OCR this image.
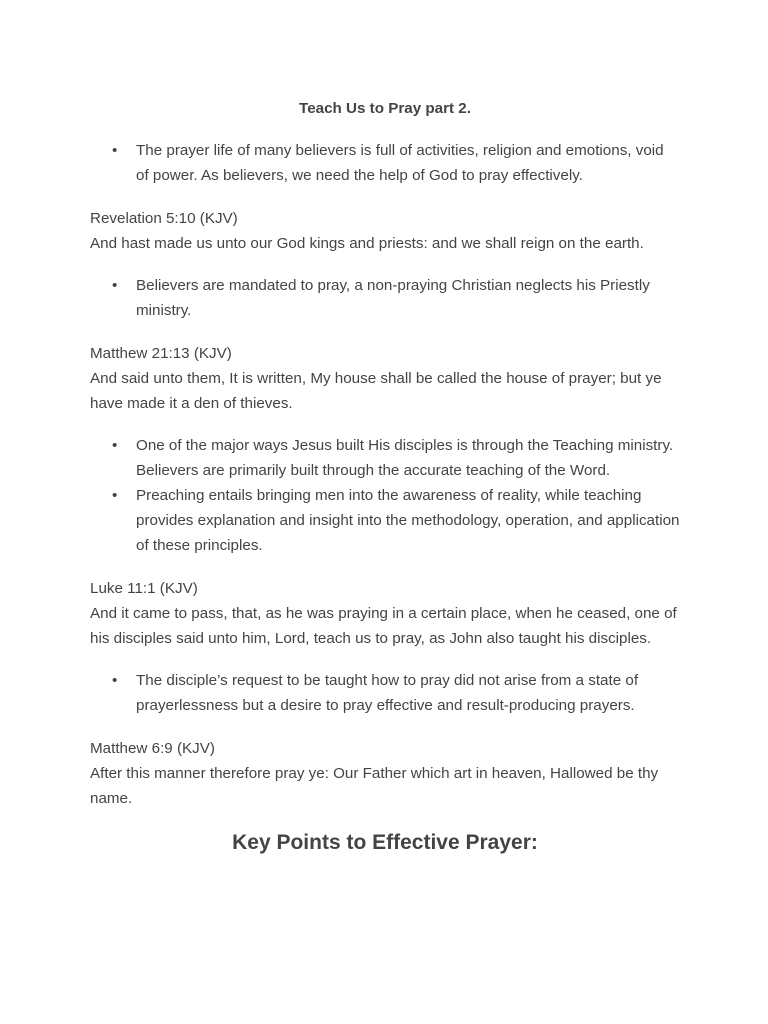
Teach Us to Pray part 2.
• The prayer life of many believers is full of activities, religion and emotions, void of power. As believers, we need the help of God to pray effectively.
Revelation 5:10 (KJV)
And hast made us unto our God kings and priests: and we shall reign on the earth.
• Believers are mandated to pray, a non-praying Christian neglects his Priestly ministry.
Matthew 21:13 (KJV)
And said unto them, It is written, My house shall be called the house of prayer; but ye have made it a den of thieves.
• One of the major ways Jesus built His disciples is through the Teaching ministry. Believers are primarily built through the accurate teaching of the Word.
• Preaching entails bringing men into the awareness of reality, while teaching provides explanation and insight into the methodology, operation, and application of these principles.
Luke 11:1 (KJV)
And it came to pass, that, as he was praying in a certain place, when he ceased, one of his disciples said unto him, Lord, teach us to pray, as John also taught his disciples.
• The disciple’s request to be taught how to pray did not arise from a state of prayerlessness but a desire to pray effective and result-producing prayers.
Matthew 6:9 (KJV)
After this manner therefore pray ye: Our Father which art in heaven, Hallowed be thy name.
Key Points to Effective Prayer:
